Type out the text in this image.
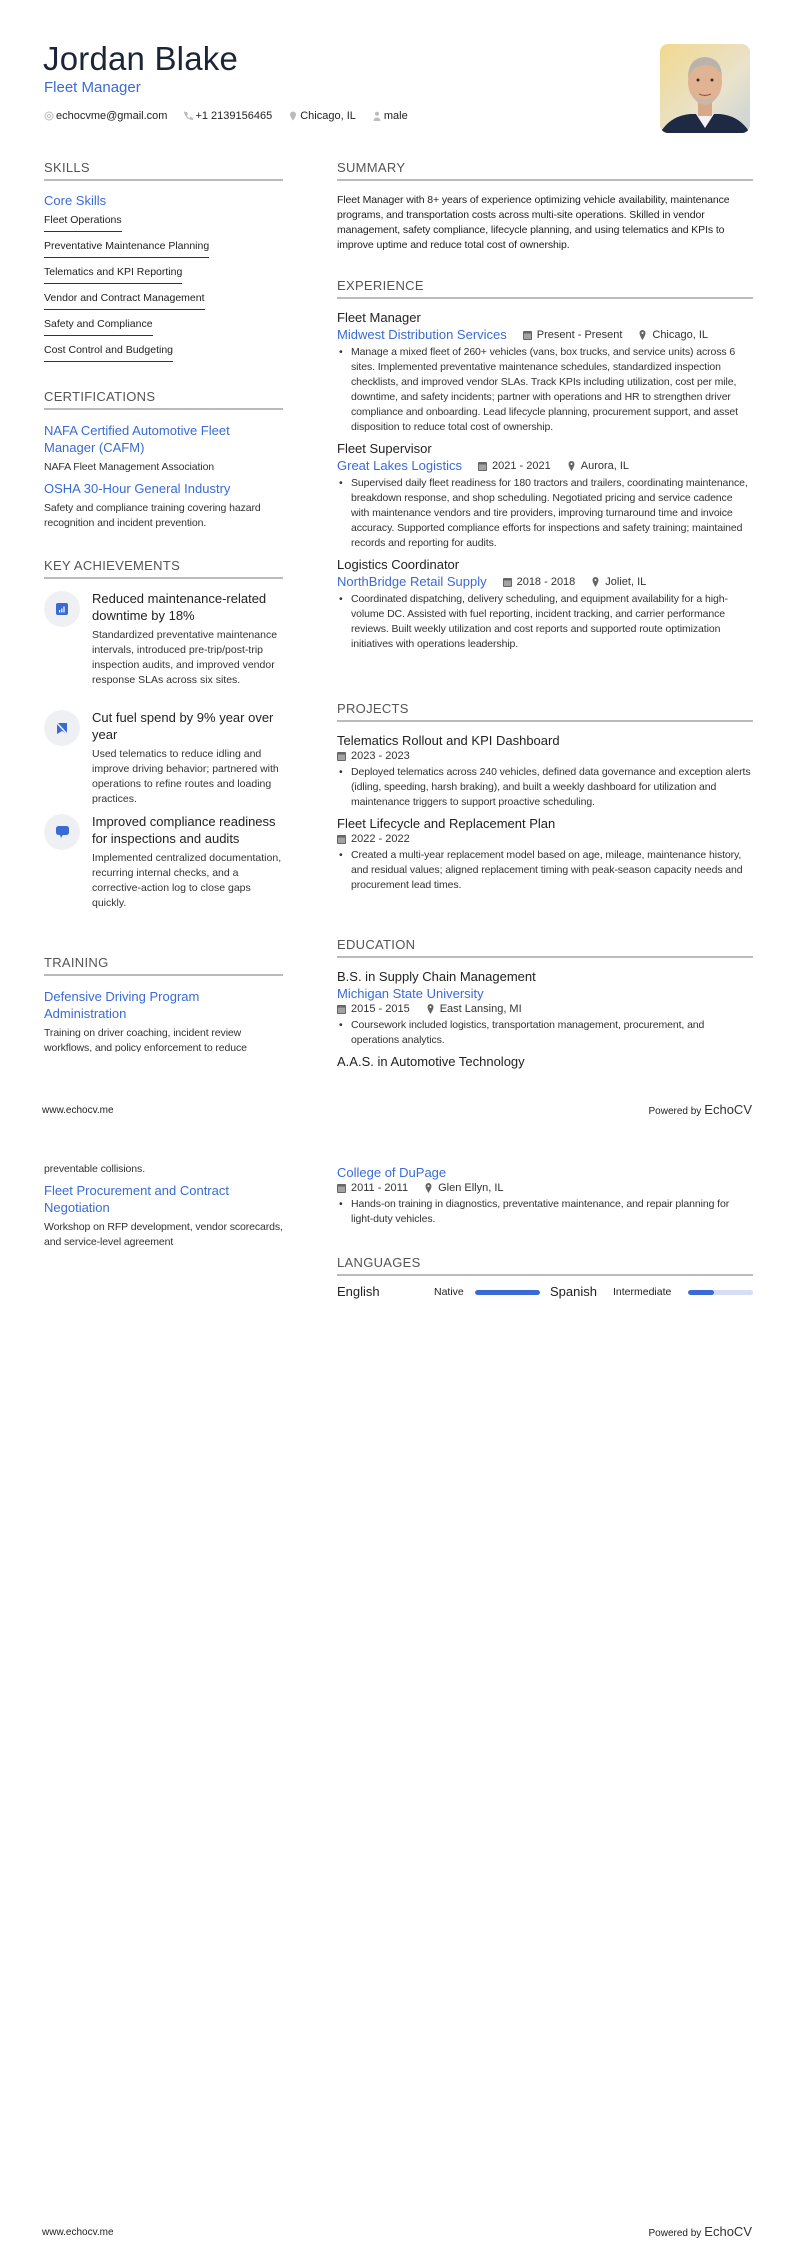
Jordan Blake
Fleet Manager
echocvme@gmail.com	+1 2139156465	Chicago, IL	male
SKILLS
Core Skills
Fleet Operations
Preventative Maintenance Planning
Telematics and KPI Reporting
Vendor and Contract Management
Safety and Compliance
Cost Control and Budgeting
CERTIFICATIONS
NAFA Certified Automotive Fleet Manager (CAFM)
NAFA Fleet Management Association
OSHA 30-Hour General Industry
Safety and compliance training covering hazard recognition and incident prevention.
KEY ACHIEVEMENTS
Reduced maintenance-related downtime by 18%
Standardized preventative maintenance intervals, introduced pre-trip/post-trip inspection audits, and improved vendor response SLAs across six sites.
Cut fuel spend by 9% year over year
Used telematics to reduce idling and improve driving behavior; partnered with operations to refine routes and loading practices.
Improved compliance readiness for inspections and audits
Implemented centralized documentation, recurring internal checks, and a corrective-action log to close gaps quickly.
TRAINING
Defensive Driving Program Administration
Training on driver coaching, incident review workflows, and policy enforcement to reduce
SUMMARY
Fleet Manager with 8+ years of experience optimizing vehicle availability, maintenance programs, and transportation costs across multi-site operations. Skilled in vendor management, safety compliance, lifecycle planning, and using telematics and KPIs to improve uptime and reduce total cost of ownership.
EXPERIENCE
Fleet Manager
Midwest Distribution Services	Present - Present	Chicago, IL
• Manage a mixed fleet of 260+ vehicles (vans, box trucks, and service units) across 6 sites. Implemented preventative maintenance schedules, standardized inspection checklists, and improved vendor SLAs. Track KPIs including utilization, cost per mile, downtime, and safety incidents; partner with operations and HR to strengthen driver compliance and onboarding. Lead lifecycle planning, procurement support, and asset disposition to reduce total cost of ownership.
Fleet Supervisor
Great Lakes Logistics	2021 - 2021	Aurora, IL
• Supervised daily fleet readiness for 180 tractors and trailers, coordinating maintenance, breakdown response, and shop scheduling. Negotiated pricing and service cadence with maintenance vendors and tire providers, improving turnaround time and invoice accuracy. Supported compliance efforts for inspections and safety training; maintained records and reporting for audits.
Logistics Coordinator
NorthBridge Retail Supply	2018 - 2018	Joliet, IL
• Coordinated dispatching, delivery scheduling, and equipment availability for a high-volume DC. Assisted with fuel reporting, incident tracking, and carrier performance reviews. Built weekly utilization and cost reports and supported route optimization initiatives with operations leadership.
PROJECTS
Telematics Rollout and KPI Dashboard
2023 - 2023
• Deployed telematics across 240 vehicles, defined data governance and exception alerts (idling, speeding, harsh braking), and built a weekly dashboard for utilization and maintenance triggers to support proactive scheduling.
Fleet Lifecycle and Replacement Plan
2022 - 2022
• Created a multi-year replacement model based on age, mileage, maintenance history, and residual values; aligned replacement timing with peak-season capacity needs and procurement lead times.
EDUCATION
B.S. in Supply Chain Management
Michigan State University
2015 - 2015	East Lansing, MI
• Coursework included logistics, transportation management, procurement, and operations analytics.
A.A.S. in Automotive Technology
www.echocv.me	Powered by EchoCV
preventable collisions.
Fleet Procurement and Contract Negotiation
Workshop on RFP development, vendor scorecards, and service-level agreement
College of DuPage
2011 - 2011	Glen Ellyn, IL
• Hands-on training in diagnostics, preventative maintenance, and repair planning for light-duty vehicles.
LANGUAGES
English	Native	Spanish Intermediate
www.echocv.me	Powered by EchoCV
